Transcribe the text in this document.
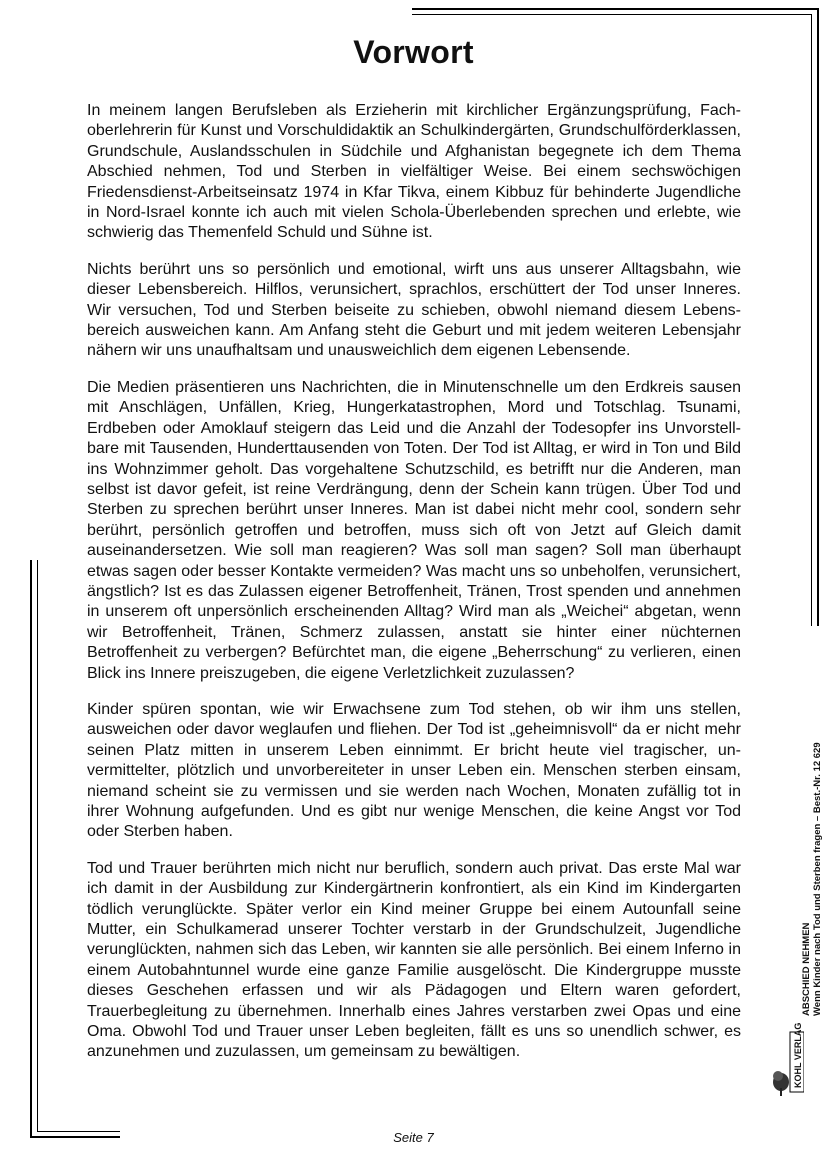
Vorwort

In meinem langen Berufsleben als Erzieherin mit kirchlicher Ergänzungsprüfung, Fachoberlehrerin für Kunst und Vorschuldidaktik an Schulkindergärten, Grundschulförderklassen, Grundschule, Auslandsschulen in Südchile und Afghanistan begegnete ich dem Thema Abschied nehmen, Tod und Sterben in vielfältiger Weise. Bei einem sechswöchigen Friedensdienst-Arbeitseinsatz 1974 in Kfar Tikva, einem Kibbuz für behinderte Jugendliche in Nord-Israel konnte ich auch mit vielen Schola-Überlebenden sprechen und erlebte, wie schwierig das Themenfeld Schuld und Sühne ist.

Nichts berührt uns so persönlich und emotional, wirft uns aus unserer Alltagsbahn, wie dieser Lebensbereich. Hilflos, verunsichert, sprachlos, erschüttert der Tod unser Inneres. Wir versuchen, Tod und Sterben beiseite zu schieben, obwohl niemand diesem Lebensbereich ausweichen kann. Am Anfang steht die Geburt und mit jedem weiteren Lebensjahr nähern wir uns unaufhaltsam und unausweichlich dem eigenen Lebensende.

Die Medien präsentieren uns Nachrichten, die in Minutenschnelle um den Erdkreis sausen mit Anschlägen, Unfällen, Krieg, Hungerkatastrophen, Mord und Totschlag. Tsunami, Erdbeben oder Amoklauf steigern das Leid und die Anzahl der Todesopfer ins Unvorstellbare mit Tausenden, Hunderttausenden von Toten. Der Tod ist Alltag, er wird in Ton und Bild ins Wohnzimmer geholt. Das vorgehaltene Schutzschild, es betrifft nur die Anderen, man selbst ist davor gefeit, ist reine Verdrängung, denn der Schein kann trügen. Über Tod und Sterben zu sprechen berührt unser Inneres. Man ist dabei nicht mehr cool, sondern sehr berührt, persönlich getroffen und betroffen, muss sich oft von Jetzt auf Gleich damit auseinandersetzen. Wie soll man reagieren? Was soll man sagen? Soll man überhaupt etwas sagen oder besser Kontakte vermeiden? Was macht uns so unbeholfen, verunsichert, ängstlich? Ist es das Zulassen eigener Betroffenheit, Tränen, Trost spenden und annehmen in unserem oft unpersönlich erscheinenden Alltag? Wird man als „Weichei“ abgetan, wenn wir Betroffenheit, Tränen, Schmerz zulassen, anstatt sie hinter einer nüchternen Betroffenheit zu verbergen? Befürchtet man, die eigene „Beherrschung“ zu verlieren, einen Blick ins Innere preiszugeben, die eigene Verletzlichkeit zuzulassen?

Kinder spüren spontan, wie wir Erwachsene zum Tod stehen, ob wir ihm uns stellen, ausweichen oder davor weglaufen und fliehen. Der Tod ist „geheimnisvoll“ da er nicht mehr seinen Platz mitten in unserem Leben einnimmt. Er bricht heute viel tragischer, unvermittelter, plötzlich und unvorbereiteter in unser Leben ein. Menschen sterben einsam, niemand scheint sie zu vermissen und sie werden nach Wochen, Monaten zufällig tot in ihrer Wohnung aufgefunden. Und es gibt nur wenige Menschen, die keine Angst vor Tod oder Sterben haben.

Tod und Trauer berührten mich nicht nur beruflich, sondern auch privat. Das erste Mal war ich damit in der Ausbildung zur Kindergärtnerin konfrontiert, als ein Kind im Kindergarten tödlich verunglückte. Später verlor ein Kind meiner Gruppe bei einem Autounfall seine Mutter, ein Schulkamerad unserer Tochter verstarb in der Grundschulzeit, Jugendliche verunglückten, nahmen sich das Leben, wir kannten sie alle persönlich. Bei einem Inferno in einem Autobahntunnel wurde eine ganze Familie ausgelöscht. Die Kindergruppe musste dieses Geschehen erfassen und wir als Pädagogen und Eltern waren gefordert, Trauerbegleitung zu übernehmen. Innerhalb eines Jahres verstarben zwei Opas und eine Oma. Obwohl Tod und Trauer unser Leben begleiten, fällt es uns so unendlich schwer, es anzunehmen und zuzulassen, um gemeinsam zu bewältigen.

ABSCHIED NEHMEN Wenn Kinder nach Tod und Sterben fragen – Best.-Nr. 12 629
KOHL VERLAG
Seite 7
